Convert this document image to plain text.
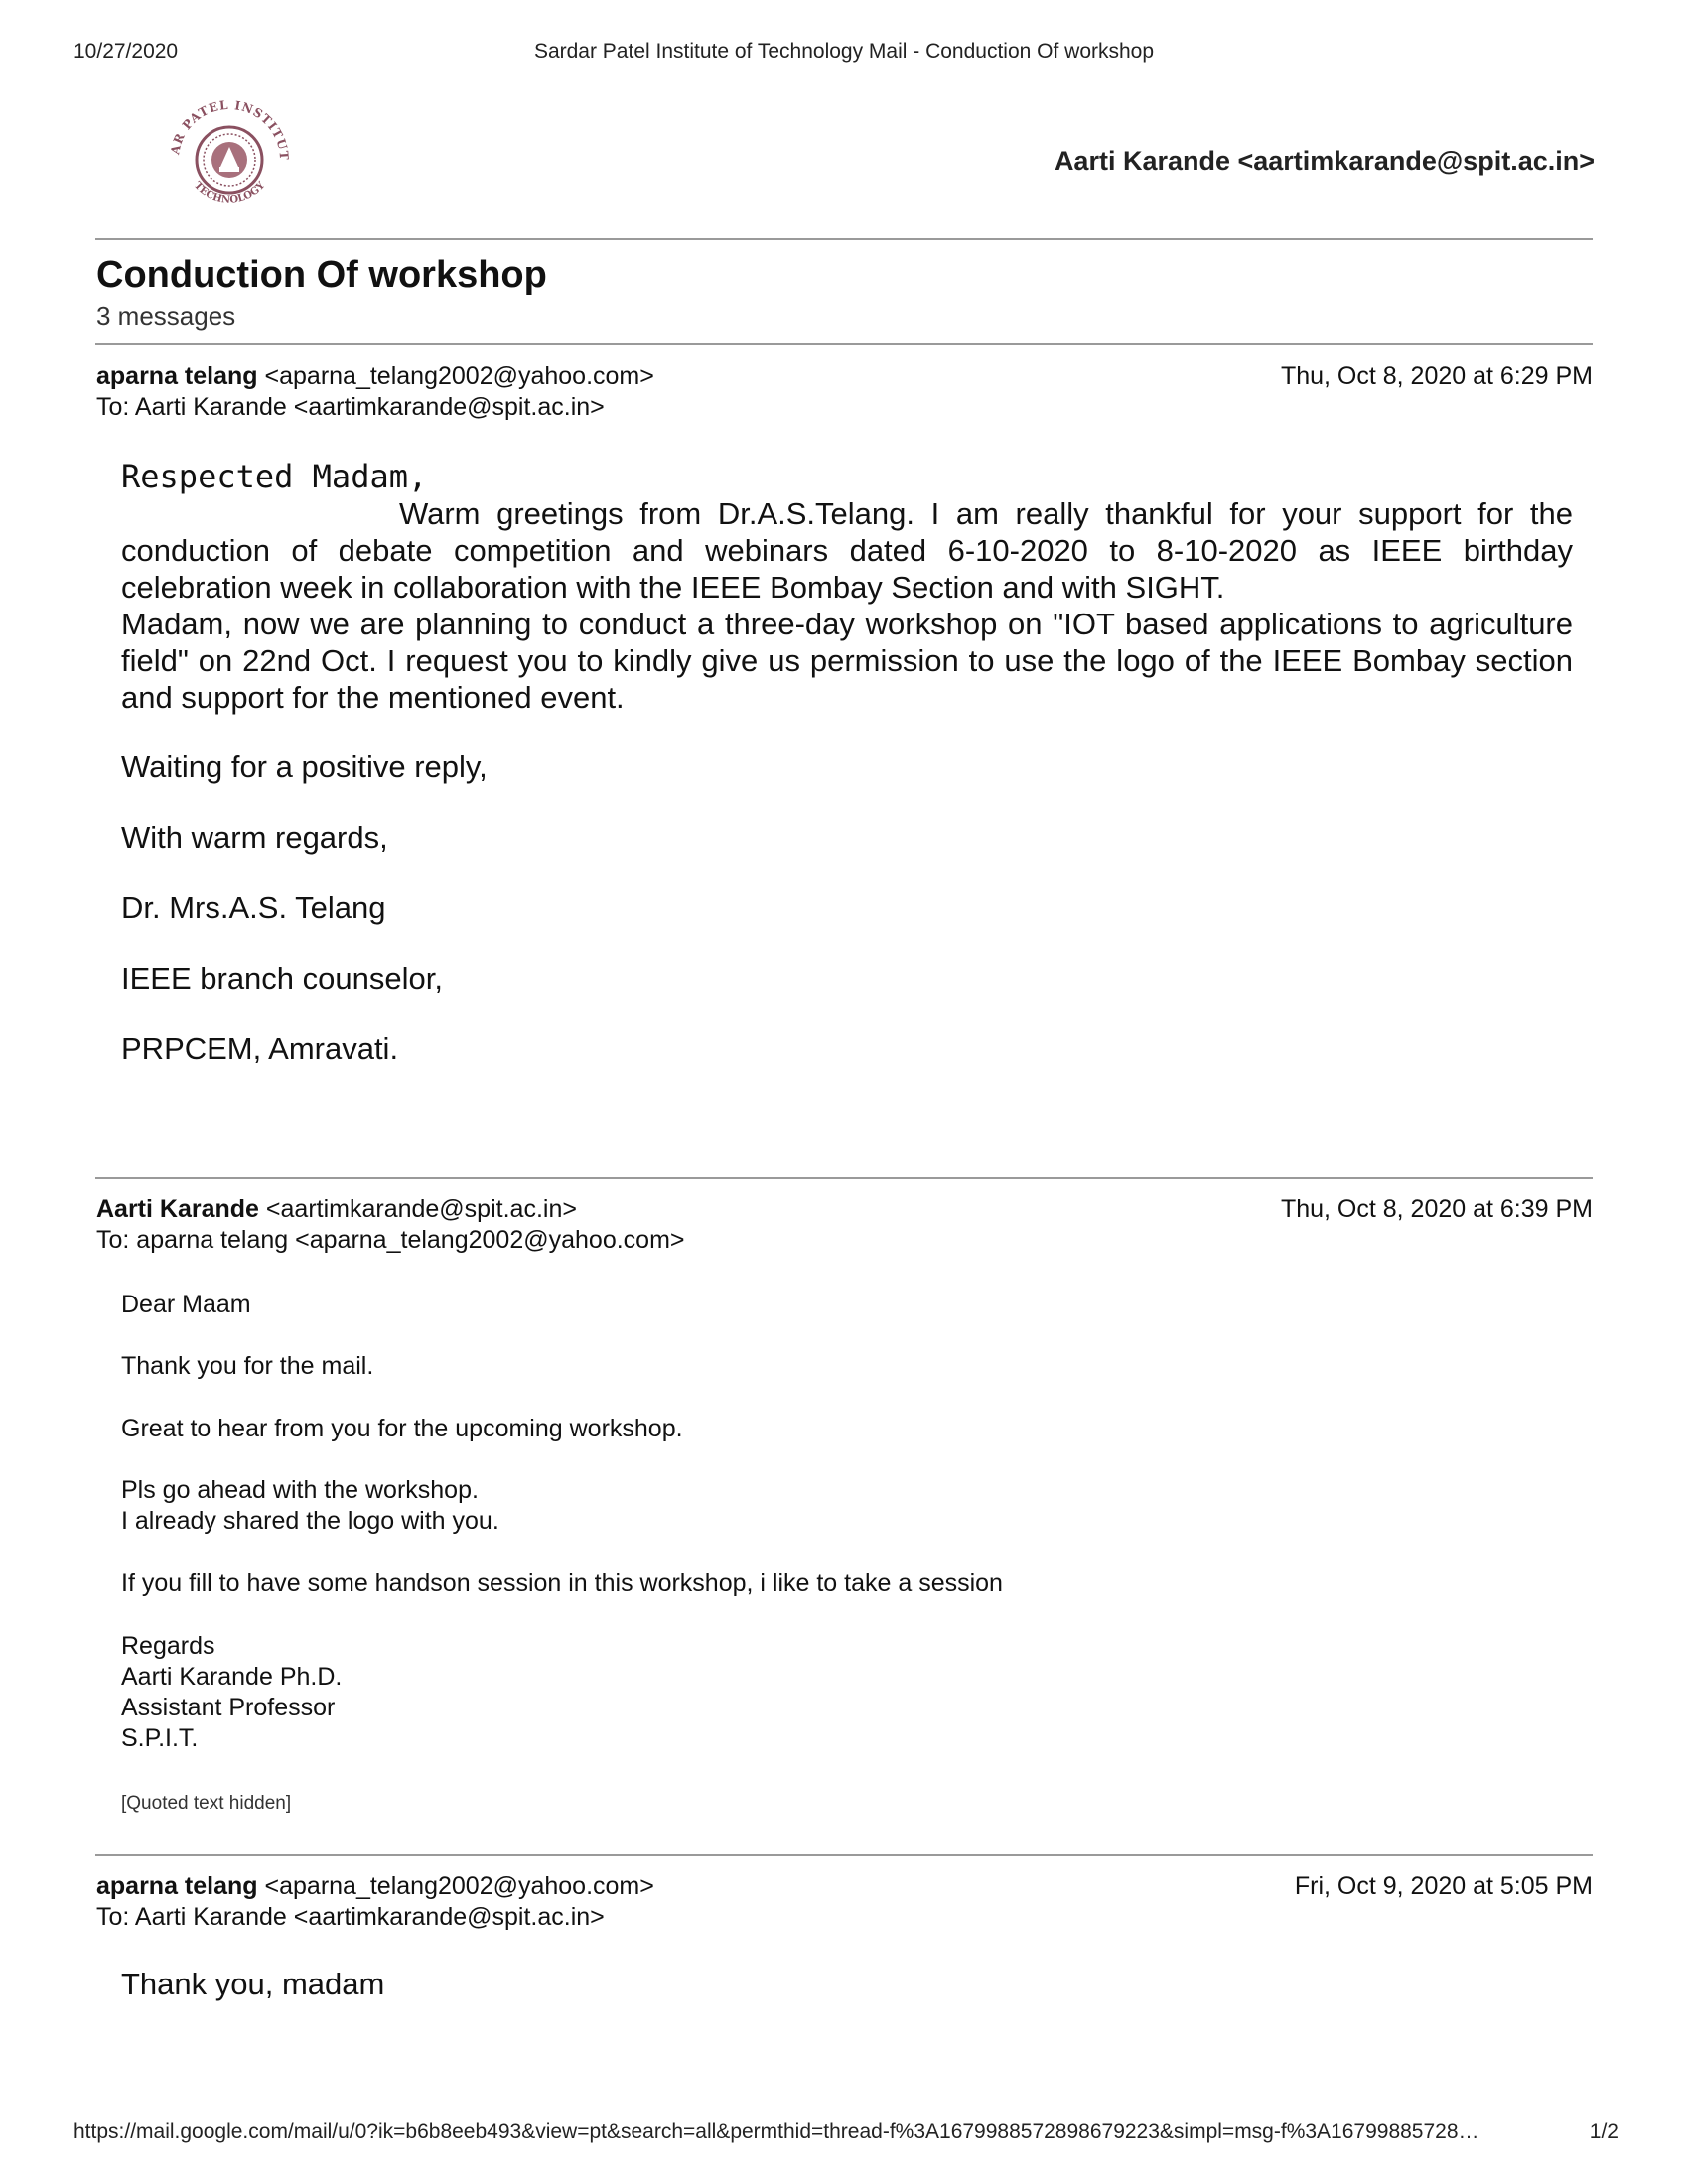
10/27/2020	Sardar Patel Institute of Technology Mail - Conduction Of workshop
AR PATEL INSTITUT
TECHNOLOGY
Aarti Karande <aartimkarande@spit.ac.in>
Conduction Of workshop
3 messages
aparna telang <aparna_telang2002@yahoo.com>	Thu, Oct 8, 2020 at 6:29 PM
To: Aarti Karande <aartimkarande@spit.ac.in>

Respected Madam,

Warm greetings from Dr.A.S.Telang. I am really thankful for your support for the conduction of debate competition and webinars dated 6-10-2020 to 8-10-2020 as IEEE birthday celebration week in collaboration with the IEEE Bombay Section and with SIGHT.

Madam, now we are planning to conduct a three-day workshop on "IOT based applications to agriculture field" on 22nd Oct. I request you to kindly give us permission to use the logo of the IEEE Bombay section and support for the mentioned event.

Waiting for a positive reply,
With warm regards,
Dr. Mrs.A.S. Telang
IEEE branch counselor,
PRPCEM, Amravati.
Aarti Karande <aartimkarande@spit.ac.in>	Thu, Oct 8, 2020 at 6:39 PM
To: aparna telang <aparna_telang2002@yahoo.com>
Dear Maam
Thank you for the mail.
Great to hear from you for the upcoming workshop.
Pls go ahead with the workshop.
I already shared the logo with you.
If you fill to have some handson session in this workshop, i like to take a session

Regards

Aarti Karande Ph.D.

Assistant Professor

S.P.I.T.

[Quoted text hidden]
aparna telang <aparna_telang2002@yahoo.com>	Fri, Oct 9, 2020 at 5:05 PM
To: Aarti Karande <aartimkarande@spit.ac.in>
Thank you, madam
https://mail.google.com/mail/u/0?ik=b6b8eeb493&view=pt&search=all&permthid=thread-f%3A1679988572898679223&simpl=msg-f%3A16799885728…	1/2
